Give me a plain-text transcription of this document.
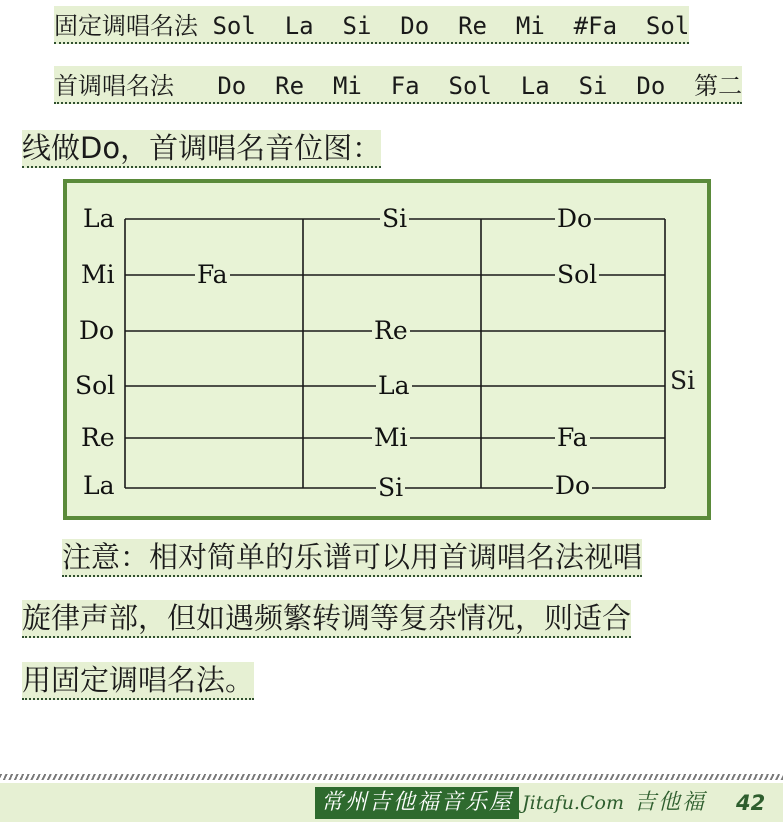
固定调唱名法 Sol  La  Si  Do  Re  Mi  #Fa  Sol
首调唱名法   Do  Re  Mi  Fa  Sol  La  Si  Do  第二
线做Do，首调唱名音位图：
La
Mi
Do
Sol
Re
La
Fa
Si
Re
La
Mi
Si
Do
Sol
Fa
Do
Si
注意：相对简单的乐谱可以用首调唱名法视唱
旋律声部，但如遇频繁转调等复杂情况，则适合
用固定调唱名法。
常州吉他福音乐屋 Jitafu.Com 吉他福 42
